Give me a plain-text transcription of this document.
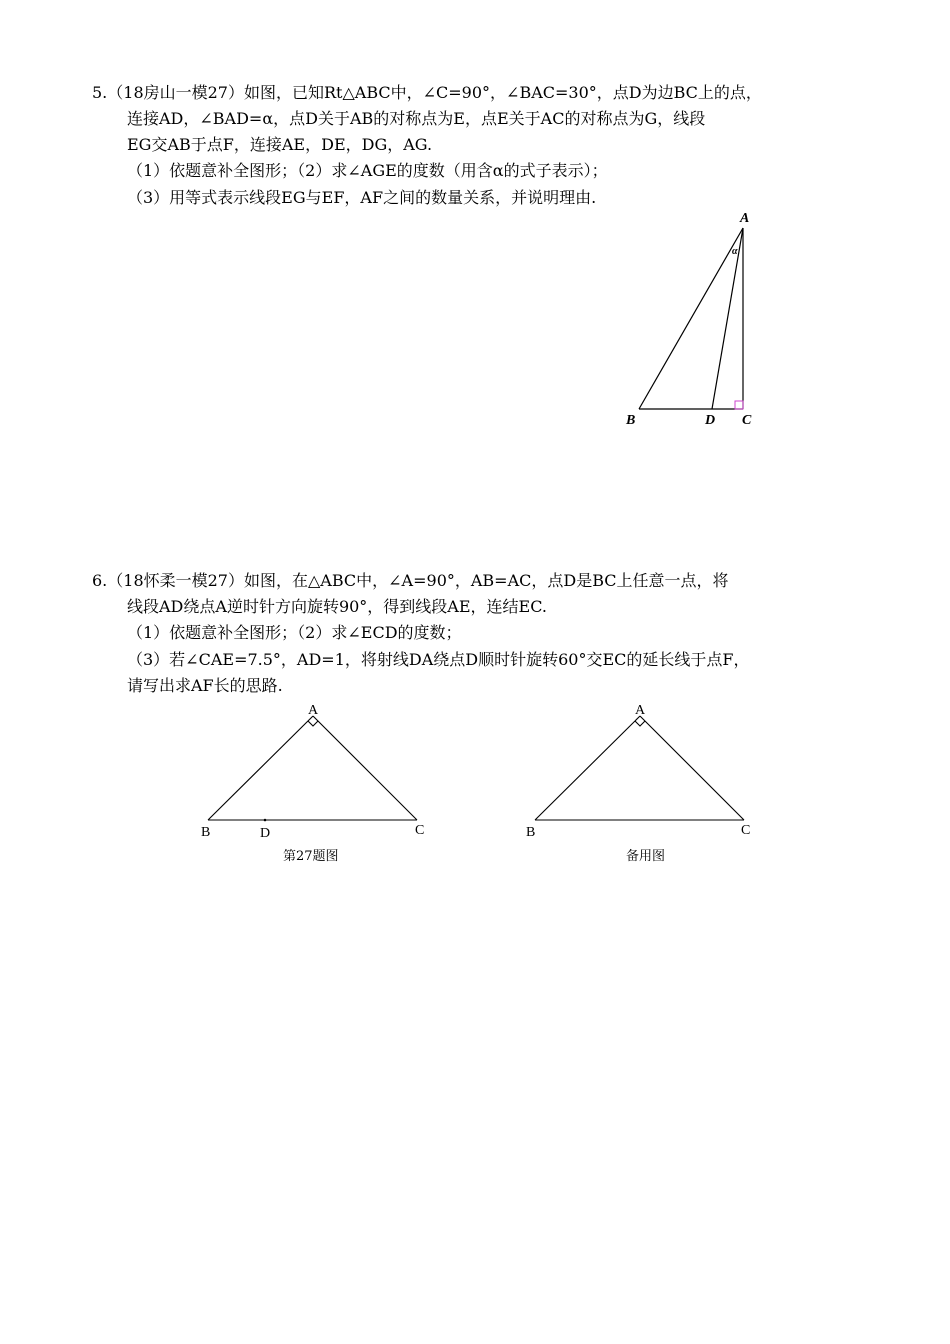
5.（18房山一模27）如图，已知Rt△ABC中，∠C=90°，∠BAC=30°，点D为边BC上的点，
连接AD，∠BAD=α，点D关于AB的对称点为E，点E关于AC的对称点为G，线段
EG交AB于点F，连接AE，DE，DG，AG.
（1）依题意补全图形；（2）求∠AGE的度数（用含α的式子表示）；
（3）用等式表示线段EG与EF，AF之间的数量关系，并说明理由.
A
B	D C
α
6.（18怀柔一模27）如图，在△ABC中，∠A=90°，AB=AC，点D是BC上任意一点，将
线段AD绕点A逆时针方向旋转90°，得到线段AE，连结EC.
（1）依题意补全图形；（2）求∠ECD的度数；
（3）若∠CAE=7.5°，AD=1，将射线DA绕点D顺时针旋转60°交EC的延长线于点F，
请写出求AF长的思路.
A
B	D	C
A
B	C
第27题图	备用图
